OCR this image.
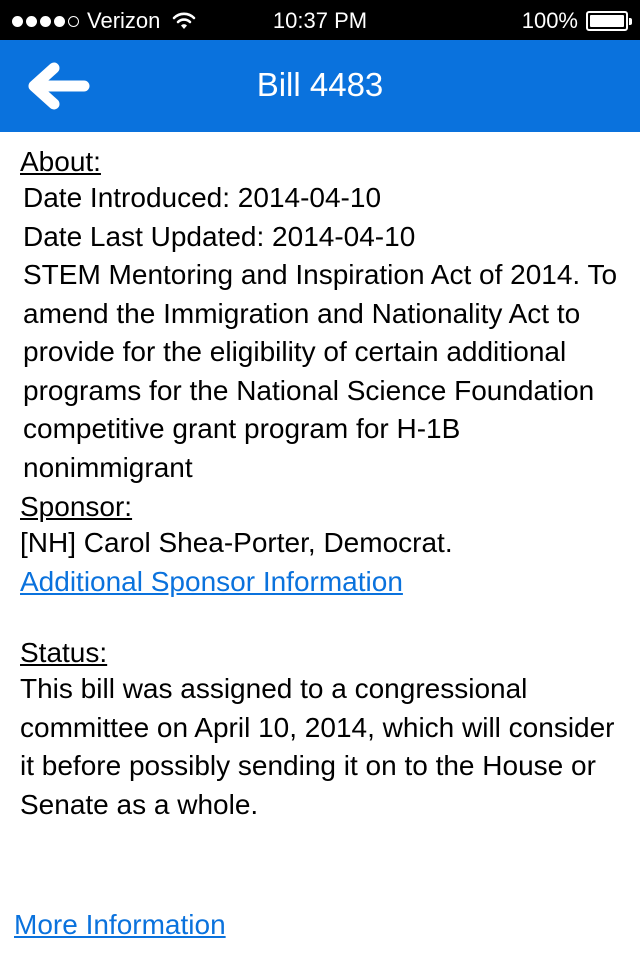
Verizon	10:37 PM	100%
Bill 4483
About:
Date Introduced: 2014-04-10
Date Last Updated: 2014-04-10
STEM Mentoring and Inspiration Act of 2014. To amend the Immigration and Nationality Act to provide for the eligibility of certain additional programs for the National Science Foundation competitive grant program for H-1B nonimmigrant
Sponsor:
[NH] Carol Shea-Porter, Democrat.
Additional Sponsor Information
Status:
This bill was assigned to a congressional committee on April 10, 2014, which will consider it before possibly sending it on to the House or Senate as a whole.
More Information
